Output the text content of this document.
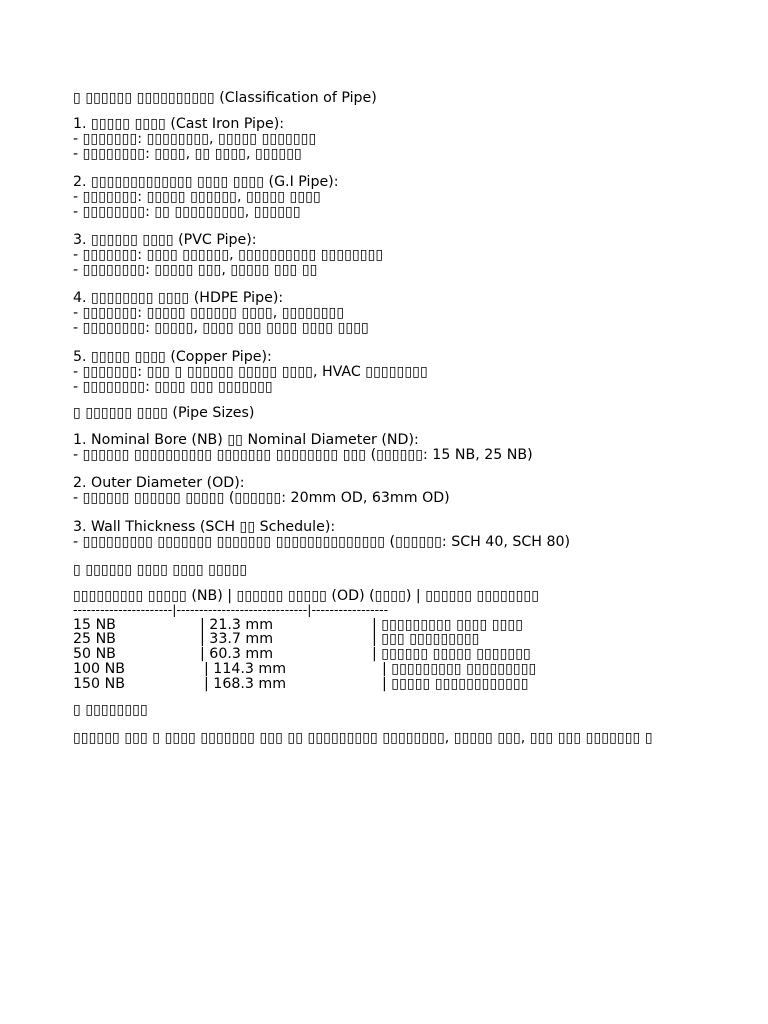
▯ ▯▯▯▯▯▯ ▯▯▯▯▯▯▯▯▯▯ (Classification of Pipe)
1. ▯▯▯▯▯ ▯▯▯▯ (Cast Iron Pipe):
- ▯▯▯▯▯▯▯: ▯▯▯▯▯▯▯▯, ▯▯▯▯▯ ▯▯▯▯▯▯▯
- ▯▯▯▯▯▯▯▯: ▯▯▯▯, ▯▯ ▯▯▯▯, ▯▯▯▯▯▯
2. ▯▯▯▯▯▯▯▯▯▯▯▯▯ ▯▯▯▯ ▯▯▯▯ (G.I Pipe):
- ▯▯▯▯▯▯▯: ▯▯▯▯▯ ▯▯▯▯▯▯, ▯▯▯▯▯ ▯▯▯▯
- ▯▯▯▯▯▯▯▯: ▯▯ ▯▯▯▯▯▯▯▯▯, ▯▯▯▯▯▯
3. ▯▯▯▯▯▯ ▯▯▯▯ (PVC Pipe):
- ▯▯▯▯▯▯▯: ▯▯▯▯ ▯▯▯▯▯▯, ▯▯▯▯▯▯▯▯▯▯ ▯▯▯▯▯▯▯▯
- ▯▯▯▯▯▯▯▯: ▯▯▯▯▯ ▯▯▯, ▯▯▯▯▯ ▯▯▯ ▯▯
4. ▯▯▯▯▯▯▯▯ ▯▯▯▯ (HDPE Pipe):
- ▯▯▯▯▯▯▯: ▯▯▯▯▯ ▯▯▯▯▯▯ ▯▯▯▯, ▯▯▯▯▯▯▯▯
- ▯▯▯▯▯▯▯▯: ▯▯▯▯▯, ▯▯▯▯ ▯▯▯ ▯▯▯▯ ▯▯▯▯ ▯▯▯▯
5. ▯▯▯▯▯ ▯▯▯▯ (Copper Pipe):
- ▯▯▯▯▯▯▯: ▯▯▯ ▯ ▯▯▯▯▯▯ ▯▯▯▯▯ ▯▯▯▯, HVAC ▯▯▯▯▯▯▯▯
- ▯▯▯▯▯▯▯▯: ▯▯▯▯ ▯▯▯ ▯▯▯▯▯▯▯
▯ ▯▯▯▯▯▯ ▯▯▯▯ (Pipe Sizes)
1. Nominal Bore (NB) ▯▯ Nominal Diameter (ND):
- ▯▯▯▯▯▯ ▯▯▯▯▯▯▯▯▯▯ ▯▯▯▯▯▯▯ ▯▯▯▯▯▯▯▯ ▯▯▯ (▯▯▯▯▯▯: 15 NB, 25 NB)
2. Outer Diameter (OD):
- ▯▯▯▯▯▯ ▯▯▯▯▯▯ ▯▯▯▯▯ (▯▯▯▯▯▯: 20mm OD, 63mm OD)
3. Wall Thickness (SCH ▯▯ Schedule):
- ▯▯▯▯▯▯▯▯▯ ▯▯▯▯▯▯▯ ▯▯▯▯▯▯▯ ▯▯▯▯▯▯▯▯▯▯▯▯▯▯ (▯▯▯▯▯▯: SCH 40, SCH 80)
▯ ▯▯▯▯▯▯ ▯▯▯▯ ▯▯▯▯ ▯▯▯▯▯
▯▯▯▯▯▯▯▯▯ ▯▯▯▯▯ (NB) | ▯▯▯▯▯▯ ▯▯▯▯▯ (OD) (▯▯▯▯) | ▯▯▯▯▯▯ ▯▯▯▯▯▯▯▯
----------------------|-----------------------------|-----------------
15 NB	| 21.3 mm	| ▯▯▯▯▯▯▯▯▯ ▯▯▯▯ ▯▯▯▯
25 NB	| 33.7 mm	| ▯▯▯ ▯▯▯▯▯▯▯▯▯
50 NB	| 60.3 mm	| ▯▯▯▯▯▯ ▯▯▯▯▯ ▯▯▯▯▯▯▯
100 NB	| 114.3 mm	| ▯▯▯▯▯▯▯▯▯ ▯▯▯▯▯▯▯▯▯
150 NB	| 168.3 mm	| ▯▯▯▯▯ ▯▯▯▯▯▯▯▯▯▯▯▯
▯ ▯▯▯▯▯▯▯▯
▯▯▯▯▯▯ ▯▯▯ ▯ ▯▯▯▯ ▯▯▯▯▯▯▯ ▯▯▯ ▯▯ ▯▯▯▯▯▯▯▯▯ ▯▯▯▯▯▯▯▯, ▯▯▯▯▯ ▯▯▯, ▯▯▯ ▯▯▯ ▯▯▯▯▯▯▯ ▯
